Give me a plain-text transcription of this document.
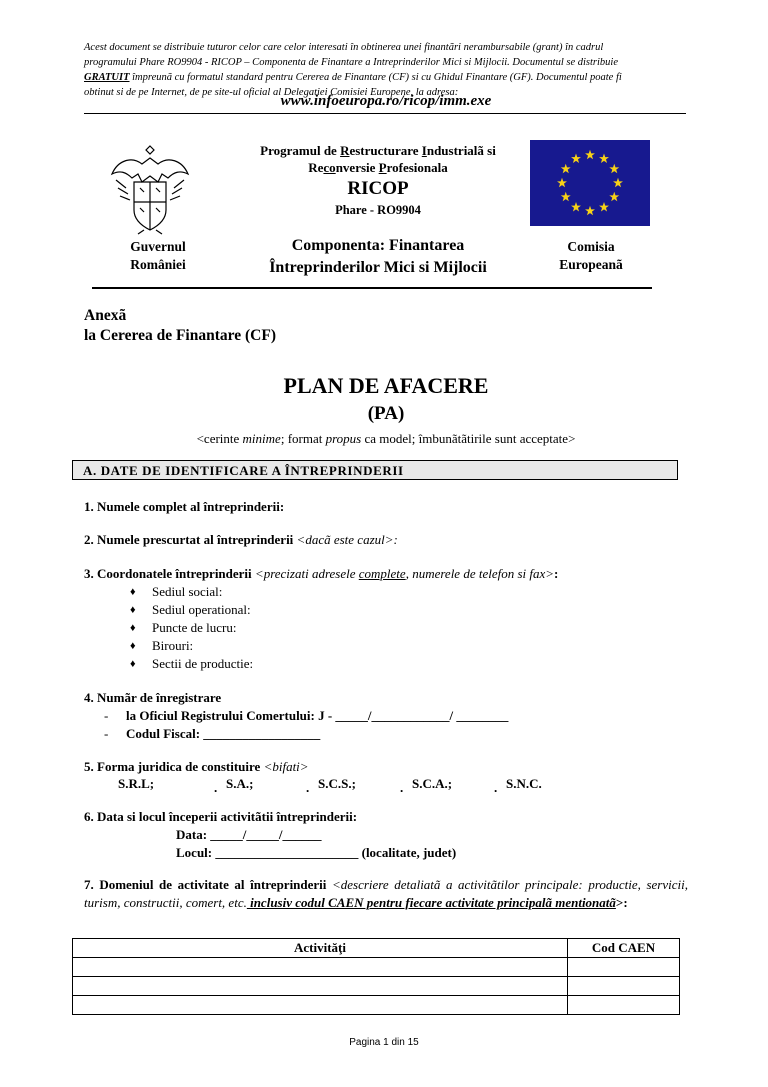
Acest document se distribuie tuturor celor care celor interesati în obtinerea unei finantãri nerambursabile (grant) în cadrul
programului Phare RO9904 - RICOP – Componenta de Finantare a Intreprinderilor Mici si Mijlocii. Documentul se distribuie
GRATUIT împreunã cu formatul standard pentru Cererea de Finantare (CF) si cu Ghidul Finantare (GF). Documentul poate fi
obtinut si de pe Internet, de pe site-ul oficial al Delegatiei Comisiei Europene, la adresa:
www.infoeuropa.ro/ricop/imm.exe
Programul de Restructurare Industrialã si
Reconversie Profesionala
RICOP
Phare - RO9904
Guvernul
României
Componenta: Finantarea
Întreprinderilor Mici si Mijlocii
Comisia
Europeanã
Anexã
la Cererea de Finantare (CF)
PLAN DE AFACERE
(PA)
<cerinte minime; format propus ca model; îmbunãtãtirile sunt acceptate>
A. DATE DE IDENTIFICARE A ÎNTREPRINDERII
1. Numele complet al întreprinderii:
2. Numele prescurtat al întreprinderii <dacã este cazul>:
3. Coordonatele întreprinderii <precizati adresele complete, numerele de telefon si fax>:
♦ Sediul social:
♦ Sediul operational:
♦ Puncte de lucru:
♦ Birouri:
♦ Sectii de productie:
4. Numãr de înregistrare
- la Oficiul Registrului Comertului: J - _____/____________/ ________
- Codul Fiscal: __________________
5. Forma juridica de constituire <bifati>
S.R.L;	. S.A.;	. S.C.S.;	. S.C.A.;	. S.N.C.
6. Data si locul începerii activitãtii întreprinderii:
Data: _____/_____/______
Locul: ______________________ (localitate, judet)
7. Domeniul de activitate al întreprinderii <descriere detaliatã a activitãtilor principale: productie, servicii, turism, constructii, comert, etc. inclusiv codul CAEN pentru fiecare activitate principalã mentionatã>:
Activităţi	Cod CAEN

Pagina 1 din 15
